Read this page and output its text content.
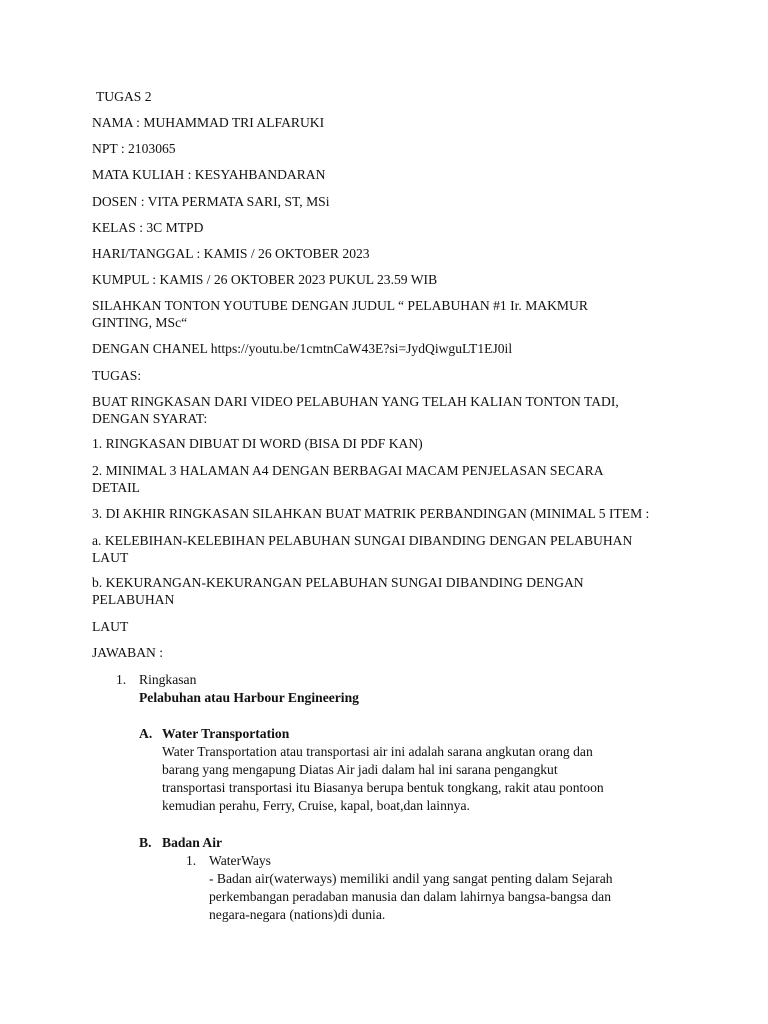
TUGAS 2
NAMA : MUHAMMAD TRI ALFARUKI
NPT : 2103065
MATA KULIAH : KESYAHBANDARAN
DOSEN : VITA PERMATA SARI, ST, MSi
KELAS : 3C MTPD
HARI/TANGGAL : KAMIS / 26 OKTOBER 2023
KUMPUL : KAMIS / 26 OKTOBER 2023 PUKUL 23.59 WIB
SILAHKAN TONTON YOUTUBE DENGAN JUDUL “ PELABUHAN #1 Ir. MAKMUR
GINTING, MSc“
DENGAN CHANEL https://youtu.be/1cmtnCaW43E?si=JydQiwguLT1EJ0il
TUGAS:
BUAT RINGKASAN DARI VIDEO PELABUHAN YANG TELAH KALIAN TONTON TADI,
DENGAN SYARAT:
1. RINGKASAN DIBUAT DI WORD (BISA DI PDF KAN)
2. MINIMAL 3 HALAMAN A4 DENGAN BERBAGAI MACAM PENJELASAN SECARA
DETAIL
3. DI AKHIR RINGKASAN SILAHKAN BUAT MATRIK PERBANDINGAN (MINIMAL 5 ITEM :
a. KELEBIHAN-KELEBIHAN PELABUHAN SUNGAI DIBANDING DENGAN PELABUHAN
LAUT
b. KEKURANGAN-KEKURANGAN PELABUHAN SUNGAI DIBANDING DENGAN
PELABUHAN
LAUT
JAWABAN :
1. Ringkasan
Pelabuhan atau Harbour Engineering
A. Water Transportation
Water Transportation atau transportasi air ini adalah sarana angkutan orang dan
barang yang mengapung Diatas Air jadi dalam hal ini sarana pengangkut
transportasi transportasi itu Biasanya berupa bentuk tongkang, rakit atau pontoon
kemudian perahu, Ferry, Cruise, kapal, boat,dan lainnya.
B. Badan Air
1. WaterWays
- Badan air(waterways) memiliki andil yang sangat penting dalam Sejarah
perkembangan peradaban manusia dan dalam lahirnya bangsa-bangsa dan
negara-negara (nations)di dunia.
